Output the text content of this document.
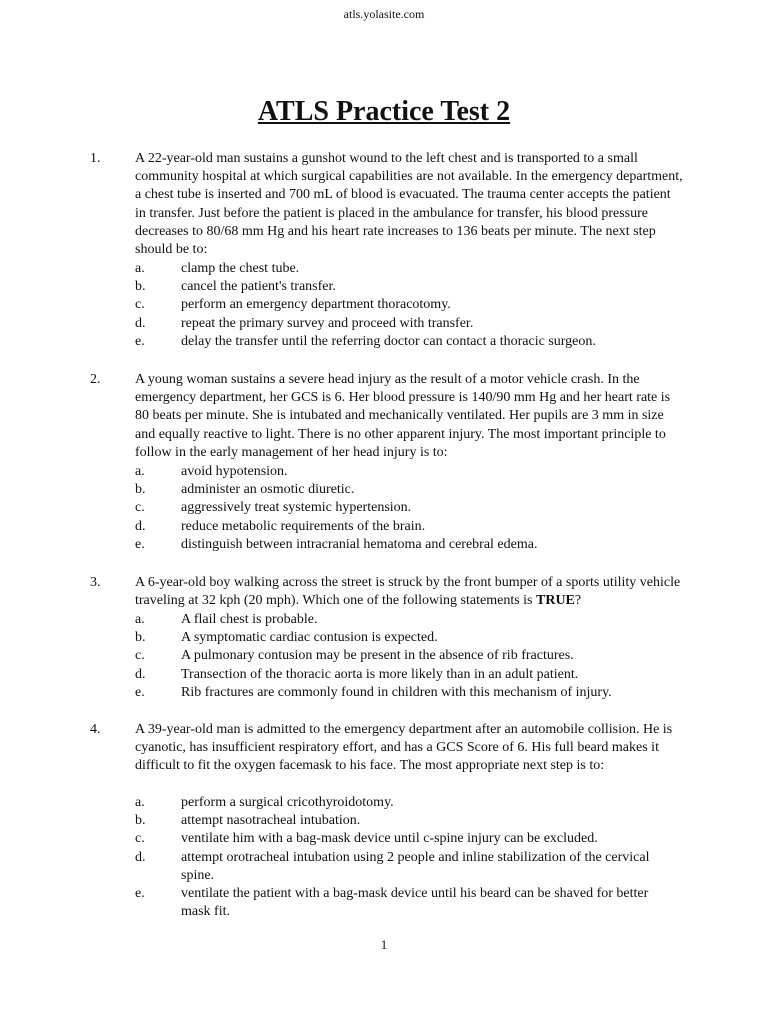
atls.yolasite.com
ATLS Practice Test 2
1. A 22-year-old man sustains a gunshot wound to the left chest and is transported to a small community hospital at which surgical capabilities are not available. In the emergency department, a chest tube is inserted and 700 mL of blood is evacuated. The trauma center accepts the patient in transfer. Just before the patient is placed in the ambulance for transfer, his blood pressure decreases to 80/68 mm Hg and his heart rate increases to 136 beats per minute. The next step should be to:
a.	clamp the chest tube.
b.	cancel the patient's transfer.
c.	perform an emergency department thoracotomy.
d.	repeat the primary survey and proceed with transfer.
e.	delay the transfer until the referring doctor can contact a thoracic surgeon.
2. A young woman sustains a severe head injury as the result of a motor vehicle crash. In the emergency department, her GCS is 6. Her blood pressure is 140/90 mm Hg and her heart rate is 80 beats per minute. She is intubated and mechanically ventilated. Her pupils are 3 mm in size and equally reactive to light. There is no other apparent injury. The most important principle to follow in the early management of her head injury is to:
a.	avoid hypotension.
b.	administer an osmotic diuretic.
c.	aggressively treat systemic hypertension.
d.	reduce metabolic requirements of the brain.
e.	distinguish between intracranial hematoma and cerebral edema.
3. A 6-year-old boy walking across the street is struck by the front bumper of a sports utility vehicle traveling at 32 kph (20 mph). Which one of the following statements is TRUE?
a.	A flail chest is probable.
b.	A symptomatic cardiac contusion is expected.
c.	A pulmonary contusion may be present in the absence of rib fractures.
d.	Transection of the thoracic aorta is more likely than in an adult patient.
e.	Rib fractures are commonly found in children with this mechanism of injury.
4. A 39-year-old man is admitted to the emergency department after an automobile collision. He is cyanotic, has insufficient respiratory effort, and has a GCS Score of 6. His full beard makes it difficult to fit the oxygen facemask to his face. The most appropriate next step is to:
a.	perform a surgical cricothyroidotomy.
b.	attempt nasotracheal intubation.
c.	ventilate him with a bag-mask device until c-spine injury can be excluded.
d.	attempt orotracheal intubation using 2 people and inline stabilization of the cervical spine.
e.	ventilate the patient with a bag-mask device until his beard can be shaved for better mask fit.
1
